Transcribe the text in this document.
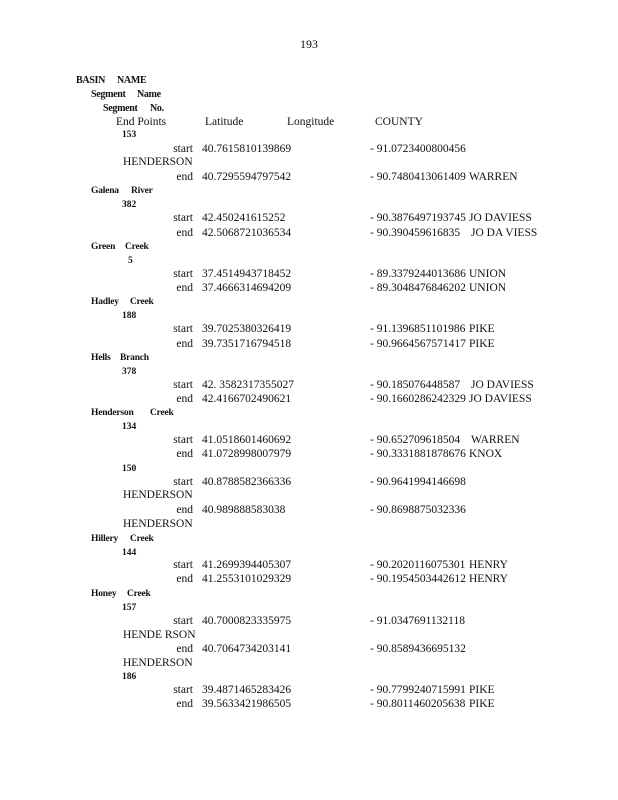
193
BASIN NAME
Segment Name
Segment No.
End Points	Latitude	Longitude	COUNTY
153
start 40.7615810139869	- 91.0723400800456
HENDERSON
end 40.7295594797542	- 90.7480413061409 WARREN
Galena River
382
start 42.450241615252	- 90.3876497193745 JO DAVIESS
end 42.5068721036534	- 90.390459616835 JO DA VIESS
Green Creek
5
start 37.4514943718452	- 89.3379244013686 UNION
end 37.4666314694209	- 89.3048476846202 UNION
Hadley Creek
188
start 39.7025380326419	- 91.1396851101986 PIKE
end 39.7351716794518	- 90.9664567571417 PIKE
Hells Branch
378
start 42. 3582317355027	- 90.185076448587 JO DAVIESS
end 42.4166702490621	- 90.1660286242329 JO DAVIESS
Henderson Creek
134
start 41.0518601460692	- 90.652709618504 WARREN
end 41.0728998007979	- 90.3331881878676 KNOX
150
start 40.8788582366336	- 90.9641994146698
HENDERSON
end 40.989888583038	- 90.8698875032336
HENDERSON
Hillery Creek
144
start 41.2699394405307	- 90.2020116075301 HENRY
end 41.2553101029329	- 90.1954503442612 HENRY
Honey Creek
157
start 40.7000823335975	- 91.0347691132118
HENDE RSON
end 40.7064734203141	- 90.8589436695132
HENDERSON
186
start 39.4871465283426	- 90.7799240715991 PIKE
end 39.5633421986505	- 90.8011460205638 PIKE
